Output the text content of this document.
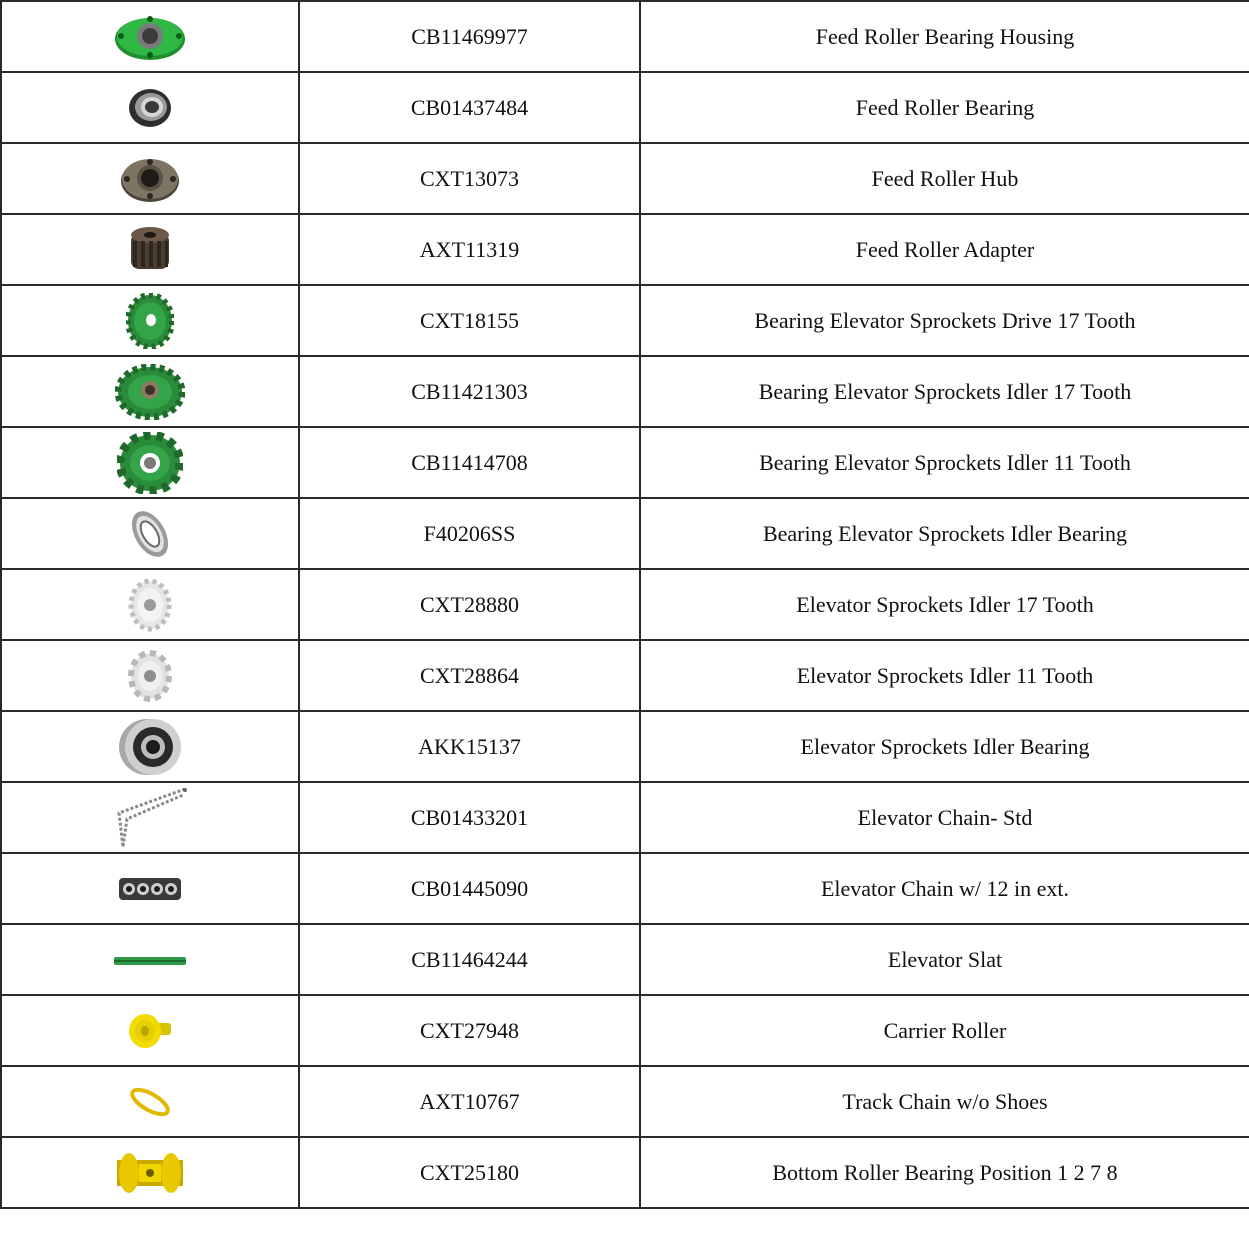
	CB11469977	Feed Roller Bearing Housing

	CB01437484	Feed Roller Bearing

	CXT13073	Feed Roller Hub

	AXT11319	Feed Roller Adapter

	CXT18155	Bearing Elevator Sprockets Drive 17 Tooth

	CB11421303	Bearing Elevator Sprockets Idler 17 Tooth

	CB11414708	Bearing Elevator Sprockets Idler 11 Tooth

	F40206SS	Bearing Elevator Sprockets Idler Bearing

	CXT28880	Elevator Sprockets Idler 17 Tooth

	CXT28864	Elevator Sprockets Idler 11 Tooth

	AKK15137	Elevator Sprockets Idler Bearing

	CB01433201	Elevator Chain- Std

	CB01445090	Elevator Chain w/ 12 in ext.

	CB11464244	Elevator Slat

	CXT27948	Carrier Roller

	AXT10767	Track Chain w/o Shoes

	CXT25180	Bottom Roller Bearing Position 1 2 7 8
